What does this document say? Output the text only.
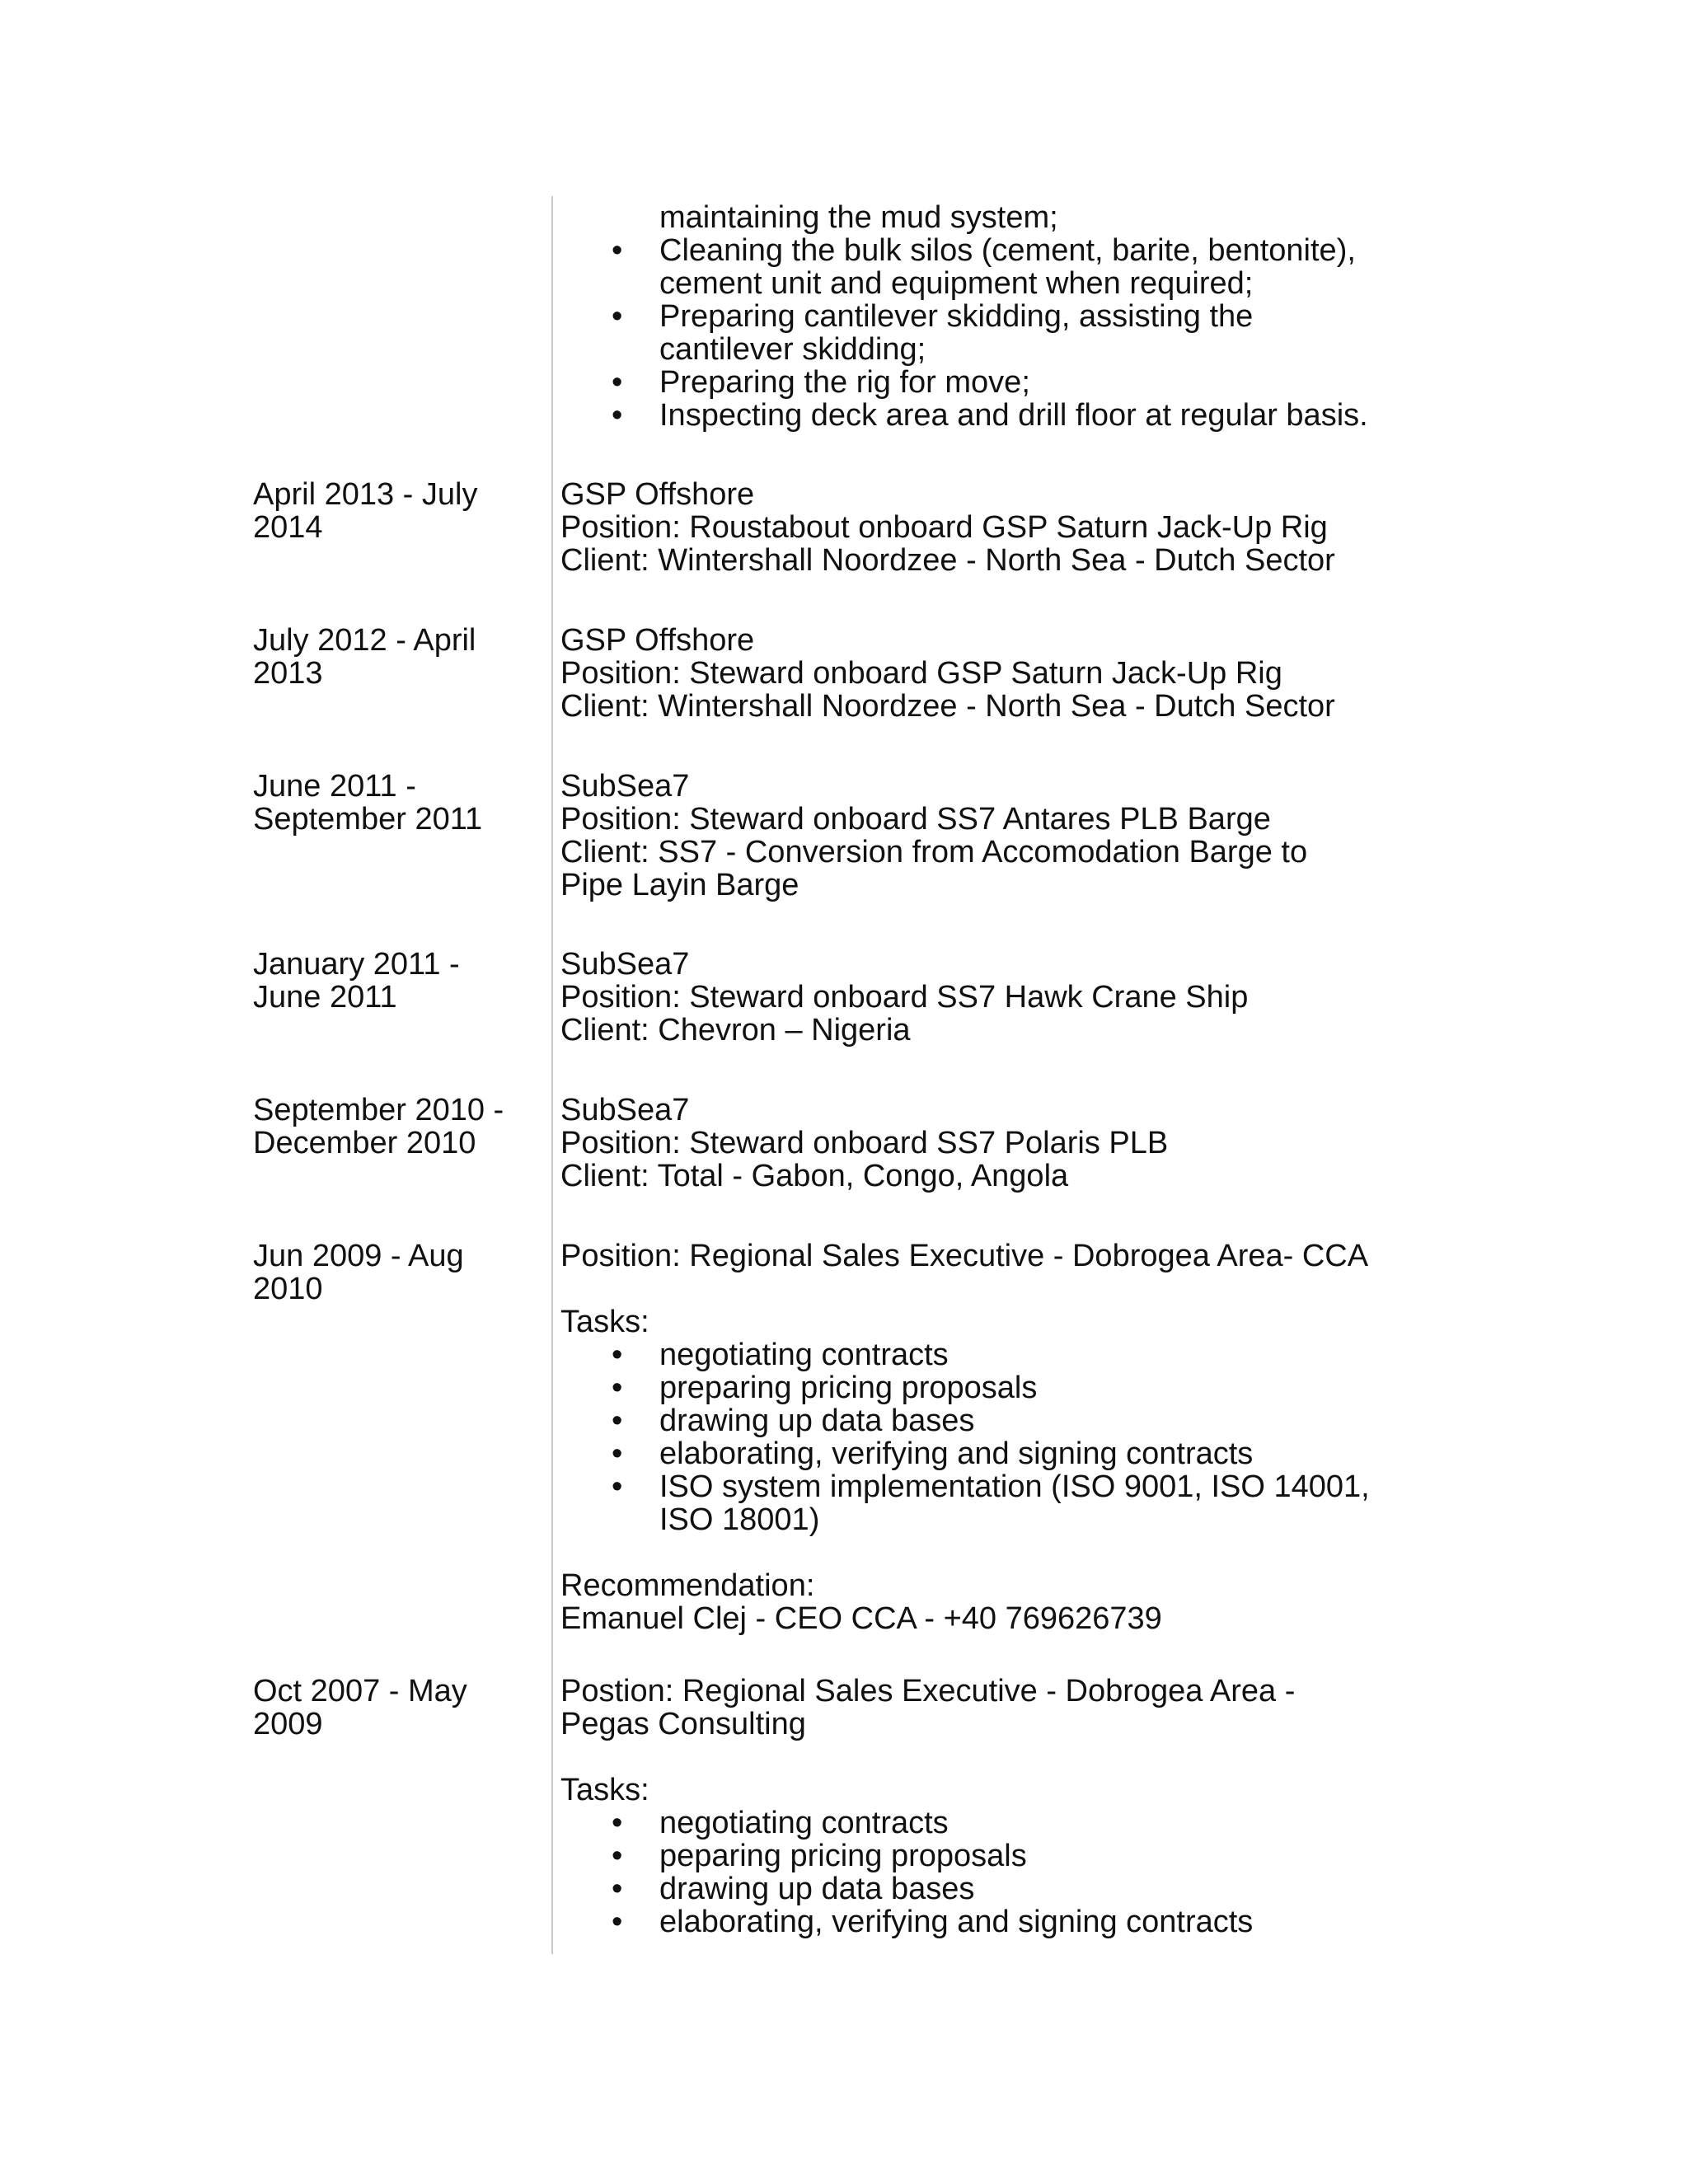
maintaining the mud system;
• Cleaning the bulk silos (cement, barite, bentonite),
cement unit and equipment when required;
• Preparing cantilever skidding, assisting the
cantilever skidding;
• Preparing the rig for move;
• Inspecting deck area and drill floor at regular basis.
April 2013 - July
2014
GSP Offshore
Position: Roustabout onboard GSP Saturn Jack-Up Rig
Client: Wintershall Noordzee - North Sea - Dutch Sector
July 2012 - April
2013
GSP Offshore
Position: Steward onboard GSP Saturn Jack-Up Rig
Client: Wintershall Noordzee - North Sea - Dutch Sector
June 2011 -
September 2011
SubSea7
Position: Steward onboard SS7 Antares PLB Barge
Client: SS7 - Conversion from Accomodation Barge to
Pipe Layin Barge
January 2011 -
June 2011
SubSea7
Position: Steward onboard SS7 Hawk Crane Ship
Client: Chevron – Nigeria
September 2010 -
December 2010
SubSea7
Position: Steward onboard SS7 Polaris PLB
Client: Total - Gabon, Congo, Angola
Jun 2009 - Aug
2010
Position: Regional Sales Executive - Dobrogea Area- CCA
Tasks:
• negotiating contracts
• preparing pricing proposals
• drawing up data bases
• elaborating, verifying and signing contracts
• ISO system implementation (ISO 9001, ISO 14001,
ISO 18001)
Recommendation:
Emanuel Clej - CEO CCA - +40 769626739
Oct 2007 - May
2009
Postion: Regional Sales Executive - Dobrogea Area -
Pegas Consulting
Tasks:
• negotiating contracts
• peparing pricing proposals
• drawing up data bases
• elaborating, verifying and signing contracts
